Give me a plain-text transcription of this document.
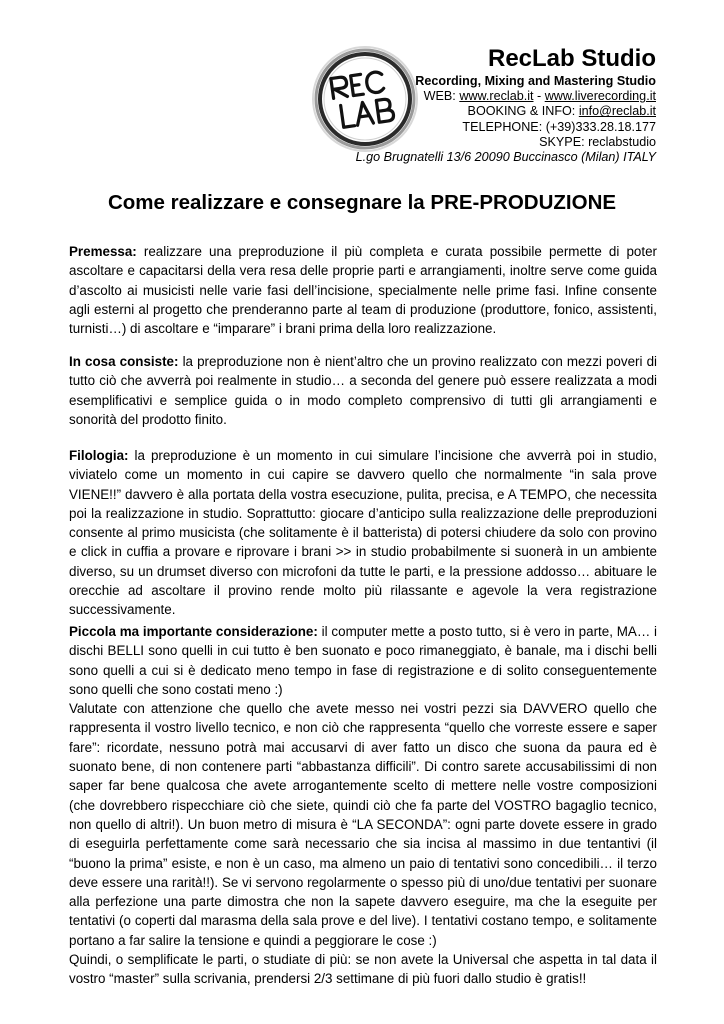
RecLab Studio
Recording, Mixing and Mastering Studio
WEB: www.reclab.it - www.liverecording.it
BOOKING & INFO: info@reclab.it
TELEPHONE: (+39)333.28.18.177
SKYPE: reclabstudio
L.go Brugnatelli 13/6 20090 Buccinasco (Milan) ITALY
Come realizzare e consegnare la PRE-PRODUZIONE

Premessa: realizzare una preproduzione il più completa e curata possibile permette di poter ascoltare e capacitarsi della vera resa delle proprie parti e arrangiamenti, inoltre serve come guida d’ascolto ai musicisti nelle varie fasi dell’incisione, specialmente nelle prime fasi. Infine consente agli esterni al progetto che prenderanno parte al team di produzione (produttore, fonico, assistenti, turnisti…) di ascoltare e “imparare” i brani prima della loro realizzazione.

In cosa consiste: la preproduzione non è nient’altro che un provino realizzato con mezzi poveri di tutto ciò che avverrà poi realmente in studio… a seconda del genere può essere realizzata a modi esemplificativi e semplice guida o in modo completo comprensivo di tutti gli arrangiamenti e sonorità del prodotto finito.

Filologia: la preproduzione è un momento in cui simulare l’incisione che avverrà poi in studio, viviatelo come un momento in cui capire se davvero quello che normalmente “in sala prove VIENE!!” davvero è alla portata della vostra esecuzione, pulita, precisa, e A TEMPO, che necessita poi la realizzazione in studio. Soprattutto: giocare d’anticipo sulla realizzazione delle preproduzioni consente al primo musicista (che solitamente è il batterista) di potersi chiudere da solo con provino e click in cuffia a provare e riprovare i brani >> in studio probabilmente si suonerà in un ambiente diverso, su un drumset diverso con microfoni da tutte le parti, e la pressione addosso… abituare le orecchie ad ascoltare il provino rende molto più rilassante e agevole la vera registrazione successivamente.

Piccola ma importante considerazione: il computer mette a posto tutto, si è vero in parte, MA… i dischi BELLI sono quelli in cui tutto è ben suonato e poco rimaneggiato, è banale, ma i dischi belli sono quelli a cui si è dedicato meno tempo in fase di registrazione e di solito conseguentemente sono quelli che sono costati meno :)

Valutate con attenzione che quello che avete messo nei vostri pezzi sia DAVVERO quello che rappresenta il vostro livello tecnico, e non ciò che rappresenta “quello che vorreste essere e saper fare”: ricordate, nessuno potrà mai accusarvi di aver fatto un disco che suona da paura ed è suonato bene, di non contenere parti “abbastanza difficili”. Di contro sarete accusabilissimi di non saper far bene qualcosa che avete arrogantemente scelto di mettere nelle vostre composizioni (che dovrebbero rispecchiare ciò che siete, quindi ciò che fa parte del VOSTRO bagaglio tecnico, non quello di altri!). Un buon metro di misura è “LA SECONDA”: ogni parte dovete essere in grado di eseguirla perfettamente come sarà necessario che sia incisa al massimo in due tentantivi (il “buono la prima” esiste, e non è un caso, ma almeno un paio di tentativi sono concedibili… il terzo deve essere una rarità!!). Se vi servono regolarmente o spesso più di uno/due tentativi per suonare alla perfezione una parte dimostra che non la sapete davvero eseguire, ma che la eseguite per tentativi (o coperti dal marasma della sala prove e del live). I tentativi costano tempo, e solitamente portano a far salire la tensione e quindi a peggiorare le cose :)

Quindi, o semplificate le parti, o studiate di più: se non avete la Universal che aspetta in tal data il vostro “master” sulla scrivania, prendersi 2/3 settimane di più fuori dallo studio è gratis!!
